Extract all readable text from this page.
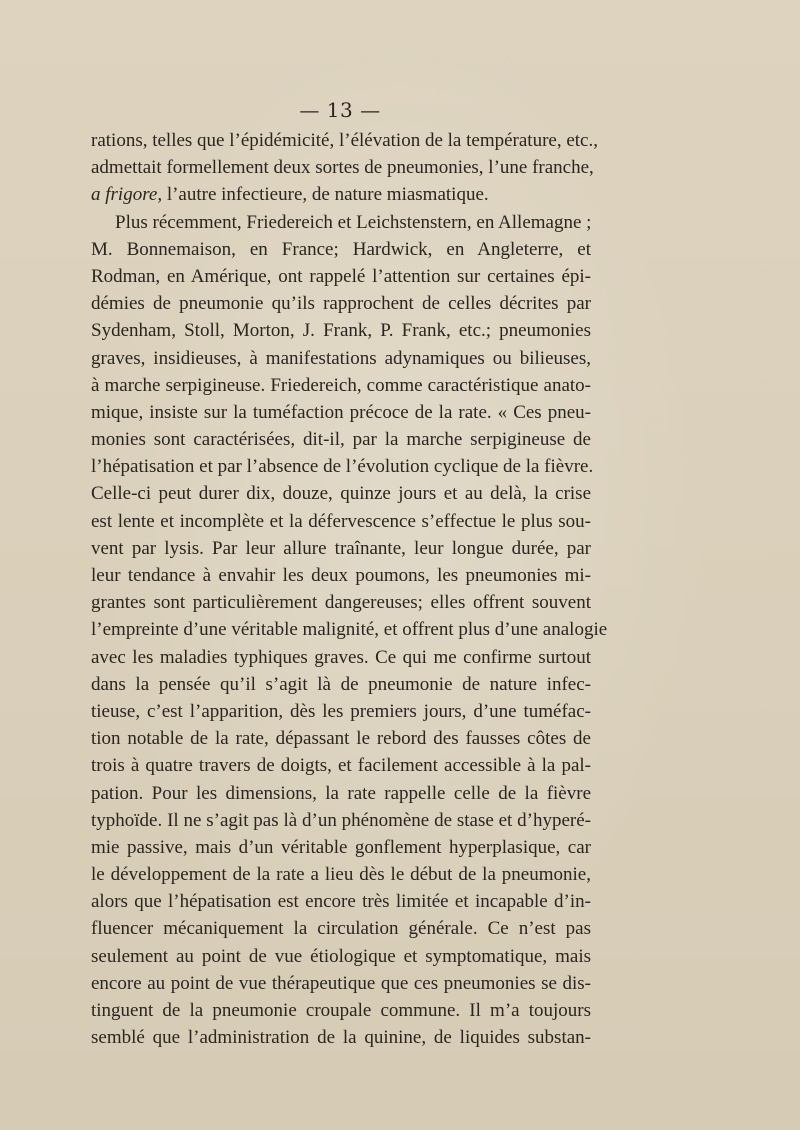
— 13 —
rations, telles que l’épidémicité, l’élévation de la température, etc.,
admettait formellement deux sortes de pneumonies, l’une franche,
a frigore, l’autre infectieure, de nature miasmatique.
Plus récemment, Friedereich et Leichstenstern, en Allemagne ;
M. Bonnemaison, en France; Hardwick, en Angleterre, et
Rodman, en Amérique, ont rappelé l’attention sur certaines épi-
démies de pneumonie qu’ils rapprochent de celles décrites par
Sydenham, Stoll, Morton, J. Frank, P. Frank, etc.; pneumonies
graves, insidieuses, à manifestations adynamiques ou bilieuses,
à marche serpigineuse. Friedereich, comme caractéristique anato-
mique, insiste sur la tuméfaction précoce de la rate. « Ces pneu-
monies sont caractérisées, dit-il, par la marche serpigineuse de
l’hépatisation et par l’absence de l’évolution cyclique de la fièvre.
Celle-ci peut durer dix, douze, quinze jours et au delà, la crise
est lente et incomplète et la défervescence s’effectue le plus sou-
vent par lysis. Par leur allure traînante, leur longue durée, par
leur tendance à envahir les deux poumons, les pneumonies mi-
grantes sont particulièrement dangereuses; elles offrent souvent
l’empreinte d’une véritable malignité, et offrent plus d’une analogie
avec les maladies typhiques graves. Ce qui me confirme surtout
dans la pensée qu’il s’agit là de pneumonie de nature infec-
tieuse, c’est l’apparition, dès les premiers jours, d’une tuméfac-
tion notable de la rate, dépassant le rebord des fausses côtes de
trois à quatre travers de doigts, et facilement accessible à la pal-
pation. Pour les dimensions, la rate rappelle celle de la fièvre
typhoïde. Il ne s’agit pas là d’un phénomène de stase et d’hyperé-
mie passive, mais d’un véritable gonflement hyperplasique, car
le développement de la rate a lieu dès le début de la pneumonie,
alors que l’hépatisation est encore très limitée et incapable d’in-
fluencer mécaniquement la circulation générale. Ce n’est pas
seulement au point de vue étiologique et symptomatique, mais
encore au point de vue thérapeutique que ces pneumonies se dis-
tinguent de la pneumonie croupale commune. Il m’a toujours
semblé que l’administration de la quinine, de liquides substan-
